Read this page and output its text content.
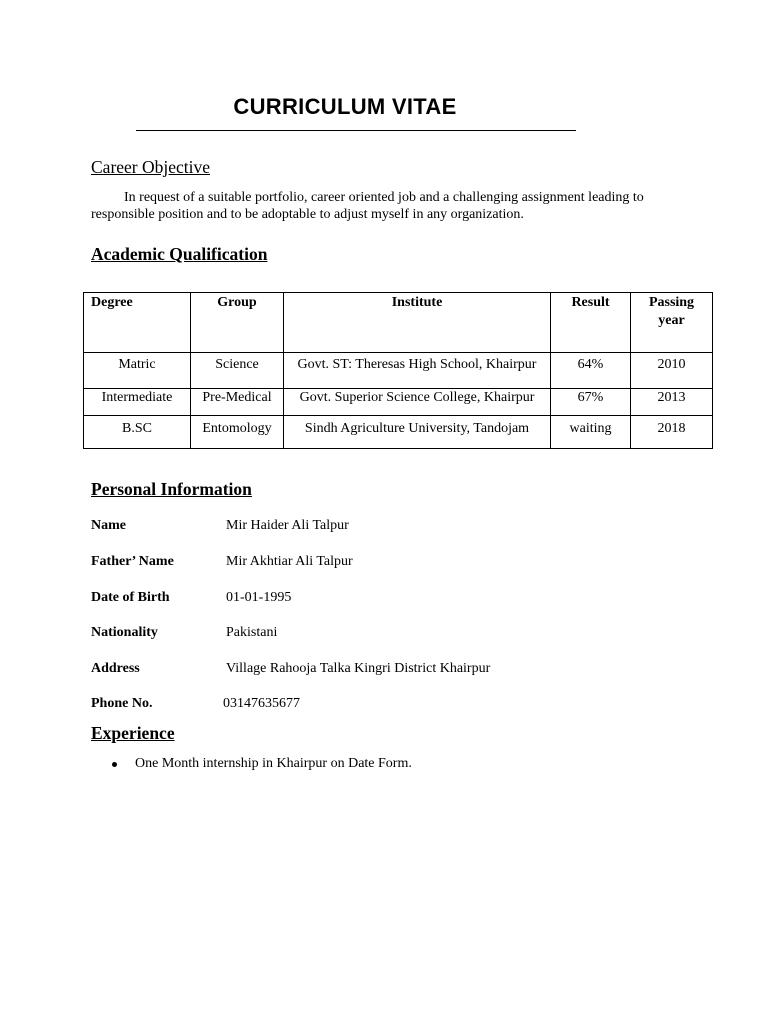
CURRICULUM VITAE
Career Objective
In request of a suitable portfolio, career oriented job and a challenging assignment leading to responsible position and to be adoptable to adjust myself in any organization.
Academic Qualification
Degree	Group	Institute	Result	Passing year
Matric	Science	Govt. ST: Theresas High School, Khairpur	64%	2010
Intermediate	Pre-Medical	Govt. Superior Science College, Khairpur	67%	2013
B.SC	Entomology	Sindh Agriculture University, Tandojam	waiting	2018
Personal Information
Name	Mir Haider Ali Talpur
Father’ Name	Mir Akhtiar Ali Talpur
Date of Birth	01-01-1995
Nationality	Pakistani
Address	Village Rahooja Talka Kingri District Khairpur
Phone No.	03147635677
Experience
One Month internship in Khairpur on Date Form.
